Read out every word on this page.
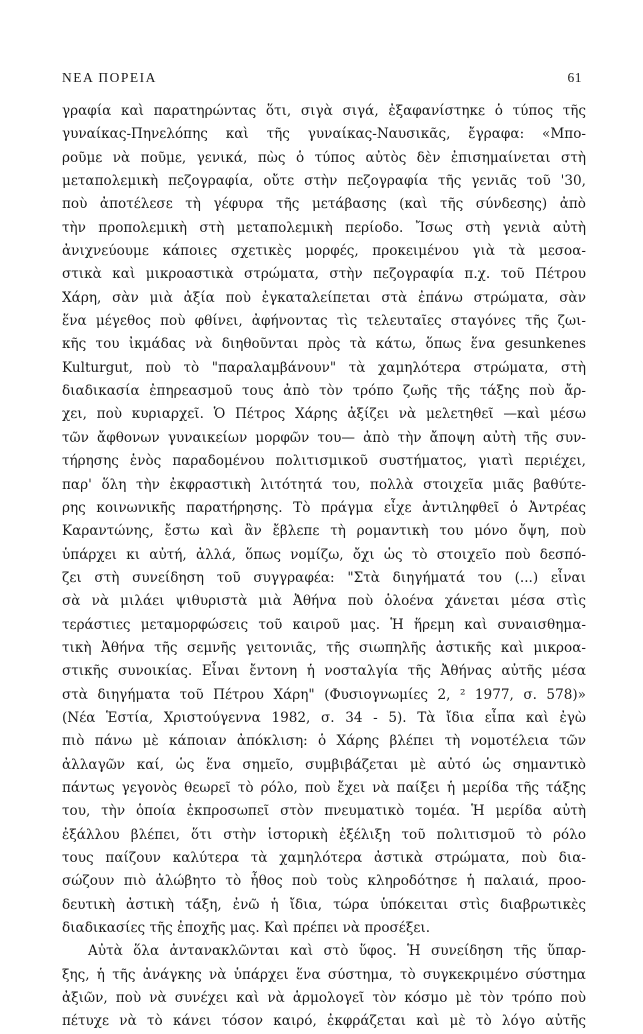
ΝΕΑ ΠΟΡΕΙΑ	61
γραφία καὶ παρατηρώντας ὅτι, σιγὰ σιγά, ἐξαφανίστηκε ὁ τύπος τῆς
γυναίκας-Πηνελόπης καὶ τῆς γυναίκας-Ναυσικᾶς, ἔγραφα: «Μπο-
ροῦμε νὰ ποῦμε, γενικά, πὼς ὁ τύπος αὐτὸς δὲν ἐπισημαίνεται στὴ
μεταπολεμικὴ πεζογραφία, οὔτε στὴν πεζογραφία τῆς γενιᾶς τοῦ '30,
ποὺ ἀποτέλεσε τὴ γέφυρα τῆς μετάβασης (καὶ τῆς σύνδεσης) ἀπὸ
τὴν προπολεμικὴ στὴ μεταπολεμικὴ περίοδο. Ἴσως στὴ γενιὰ αὐτὴ
ἀνιχνεύουμε κάποιες σχετικὲς μορφές, προκειμένου γιὰ τὰ μεσοα-
στικὰ καὶ μικροαστικὰ στρώματα, στὴν πεζογραφία π.χ. τοῦ Πέτρου
Χάρη, σὰν μιὰ ἀξία ποὺ ἐγκαταλείπεται στὰ ἐπάνω στρώματα, σὰν
ἕνα μέγεθος ποὺ φθίνει, ἀφήνοντας τὶς τελευταῖες σταγόνες τῆς ζωι-
κῆς του ἰκμάδας νὰ διηθοῦνται πρὸς τὰ κάτω, ὅπως ἕνα gesunkenes
Kulturgut, ποὺ τὸ "παραλαμβάνουν" τὰ χαμηλότερα στρώματα, στὴ
διαδικασία ἐπηρεασμοῦ τους ἀπὸ τὸν τρόπο ζωῆς τῆς τάξης ποὺ ἄρ-
χει, ποὺ κυριαρχεῖ. Ὁ Πέτρος Χάρης ἀξίζει νὰ μελετηθεῖ —καὶ μέσω
τῶν ἄφθονων γυναικείων μορφῶν του— ἀπὸ τὴν ἄποψη αὐτὴ τῆς συν-
τήρησης ἑνὸς παραδομένου πολιτισμικοῦ συστήματος, γιατὶ περιέχει,
παρ' ὅλη τὴν ἐκφραστικὴ λιτότητά του, πολλὰ στοιχεῖα μιᾶς βαθύτε-
ρης κοινωνικῆς παρατήρησης. Τὸ πράγμα εἶχε ἀντιληφθεῖ ὁ Ἀντρέας
Καραντώνης, ἔστω καὶ ἂν ἔβλεπε τὴ ρομαντικὴ του μόνο ὄψη, ποὺ
ὑπάρχει κι αὐτή, ἀλλά, ὅπως νομίζω, ὄχι ὡς τὸ στοιχεῖο ποὺ δεσπό-
ζει στὴ συνείδηση τοῦ συγγραφέα: "Στὰ διηγήματά του (...) εἶναι
σὰ νὰ μιλάει ψιθυριστὰ μιὰ Ἀθήνα ποὺ ὁλοένα χάνεται μέσα στὶς
τεράστιες μεταμορφώσεις τοῦ καιροῦ μας. Ἡ ἥρεμη καὶ συναισθημα-
τικὴ Ἀθήνα τῆς σεμνῆς γειτονιᾶς, τῆς σιωπηλῆς ἀστικῆς καὶ μικροα-
στικῆς συνοικίας. Εἶναι ἔντονη ἡ νοσταλγία τῆς Ἀθήνας αὐτῆς μέσα
στὰ διηγήματα τοῦ Πέτρου Χάρη" (Φυσιογνωμίες 2, ² 1977, σ. 578)»
(Νέα Ἑστία, Χριστούγεννα 1982, σ. 34 - 5). Τὰ ἴδια εἶπα καὶ ἐγὼ
πιὸ πάνω μὲ κάποιαν ἀπόκλιση: ὁ Χάρης βλέπει τὴ νομοτέλεια τῶν
ἀλλαγῶν καί, ὡς ἕνα σημεῖο, συμβιβάζεται μὲ αὐτό ὡς σημαντικὸ
πάντως γεγονὸς θεωρεῖ τὸ ρόλο, ποὺ ἔχει νὰ παίξει ἡ μερίδα τῆς τάξης
του, τὴν ὁποία ἐκπροσωπεῖ στὸν πνευματικὸ τομέα. Ἡ μερίδα αὐτὴ
ἐξάλλου βλέπει, ὅτι στὴν ἱστορικὴ ἐξέλιξη τοῦ πολιτισμοῦ τὸ ρόλο
τους παίζουν καλύτερα τὰ χαμηλότερα ἀστικὰ στρώματα, ποὺ δια-
σώζουν πιὸ ἀλώβητο τὸ ἦθος ποὺ τοὺς κληροδότησε ἡ παλαιά, προο-
δευτικὴ ἀστικὴ τάξη, ἐνῶ ἡ ἴδια, τώρα ὑπόκειται στὶς διαβρωτικὲς
διαδικασίες τῆς ἐποχῆς μας. Καὶ πρέπει νὰ προσέξει.
Αὐτὰ ὅλα ἀντανακλῶνται καὶ στὸ ὕφος. Ἡ συνείδηση τῆς ὕπαρ-
ξης, ἡ τῆς ἀνάγκης νὰ ὑπάρχει ἕνα σύστημα, τὸ συγκεκριμένο σύστημα
ἀξιῶν, ποὺ νὰ συνέχει καὶ νὰ ἁρμολογεῖ τὸν κόσμο μὲ τὸν τρόπο ποὺ
πέτυχε νὰ τὸ κάνει τόσον καιρό, ἐκφράζεται καὶ μὲ τὸ λόγο αὐτῆς
